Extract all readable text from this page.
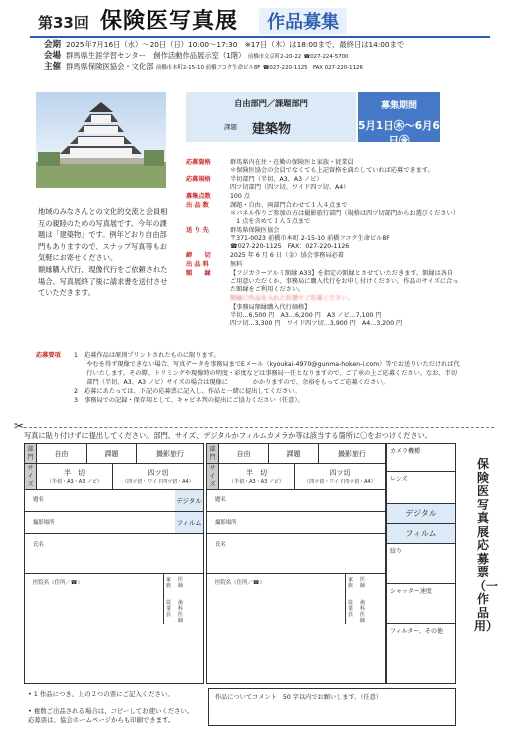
第33回 保険医写真展 作品募集
会期 2025年7月16日（水）～20日（日）10:00～17:30　※17日（木）は18:00まで、最終日は14:00まで
会場 群馬県生涯学習センター　創作活動作品展示室（1階） 前橋市文京町2-20-22 ☎027-224-5700
主催 群馬県保険医協会・文化部 前橋市本町2-15-10 前橋フコク生命ビル8F ☎027-220-1125　FAX 027-220-1126
地域のみなさんとの文化的交流と会員相互の親睦のための写真展です。今年の課題は「建築物」です。例年どおり自由部門もありますので、スナップ写真等もお気軽にお寄せください。
額縁購入代行、現像代行をご依頼された場合、写真展終了後に請求書を送付させていただきます。
自由部門／課題部門
課題 建築物
募集期間
5月1日㊍～6月6日㊎
応募資格	群馬県内在住・在勤の保険医と家族・従業員
＊保険医協会の会員でなくても上記資格を満たしていれば応募できます。
応募規格	半切部門（半切、A3、A3 ノビ）
四ツ切部門（四ツ切、ワイド四ツ切、A4）
募集点数	100 点
出 品 数	課題・自由、両部門合わせて１人４点まで
＊パネル作りご参加の方は撮影旅行部門（規格は四ツ切部門からお選びください）
　1 点を含めて１人５点まで
送 り 先	群馬県保険医協会
〒371-0023 前橋市本町 2-15-10 前橋フコク生命ビル8F
☎027-220-1125　FAX：027-220-1126
締　　切	2025 年 6 月 6 日（金）協会事務局必着
出 品 料	無料
額　　縁	【フジカラーアルミ額縁 A33】を指定の額縁とさせていただきます。額縁は各自
ご用意いただくか、事務局に購入代行をお申し付けください。作品のサイズに合っ
た額縁をご利用ください。
額縁に作品を入れた状態でご応募ください。
【事務局額縁購入代行価格】
半切…6,500 円　A3…6,200 円　A3 ノビ…7,100 円
四ツ切…3,300 円　ワイド四ツ切…3,900 円　A4…3,200 円
応募要項	1　応募作品は原則プリントされたものに限ります。
　　やむを得ず現像できない場合、写真データを事務局までEメール（kyoukai-4970@gunma-hoken-i.com）等でお送りいただければ代
　　行いたします。その際、トリミングや現像時の明度・彩度などは事務局一任となりますので、ご了承の上ご応募ください。なお、半切
　　部門（半切、A3、A3 ノビ）サイズの場合は現像に　　　　かかりますので、余裕をもってご応募ください。
2　応募にあたっては、下記の応募票に記入し、作品と一緒に提出してください。
3　事務局での記録・保存用として、キャビネ判の提出にご協力ください（任意）。
✂
写真に貼り付けずに提出してください。部門、サイズ、デジタルかフィルムカメラか等は該当する箇所に〇をおつけください。
部門	自由	課題	撮影旅行
サイズ
半　切
（半切・A3・A3 ノビ）
四ツ切
（四ツ切・ワイド四ツ切・A4）
題名	デジタル
撮影場所	フィルム
氏名
医院名（住所／☎）	家族
医師
従業員
歯科医師
部門	自由	課題	撮影旅行
サイズ
半　切
（半切・A3・A3 ノビ）
四ツ切
（四ツ切・ワイド四ツ切・A4）
題名
撮影場所
氏名
医院名（住所／☎）	家族
医師
従業員
歯科医師
カメラ機種
レンズ
デジタル
フィルム
絞り
シャッター速度
フィルター、その他
保険医写真展応募票（一作品用）
• 1 作品につき、上の２つの票にご記入ください。
• 複数ご出品される場合は、コピーしてお使いください。応募票は、協会ホームページからも印刷できます。
作品についてコメント　50 字以内でお願いします。（任意）
